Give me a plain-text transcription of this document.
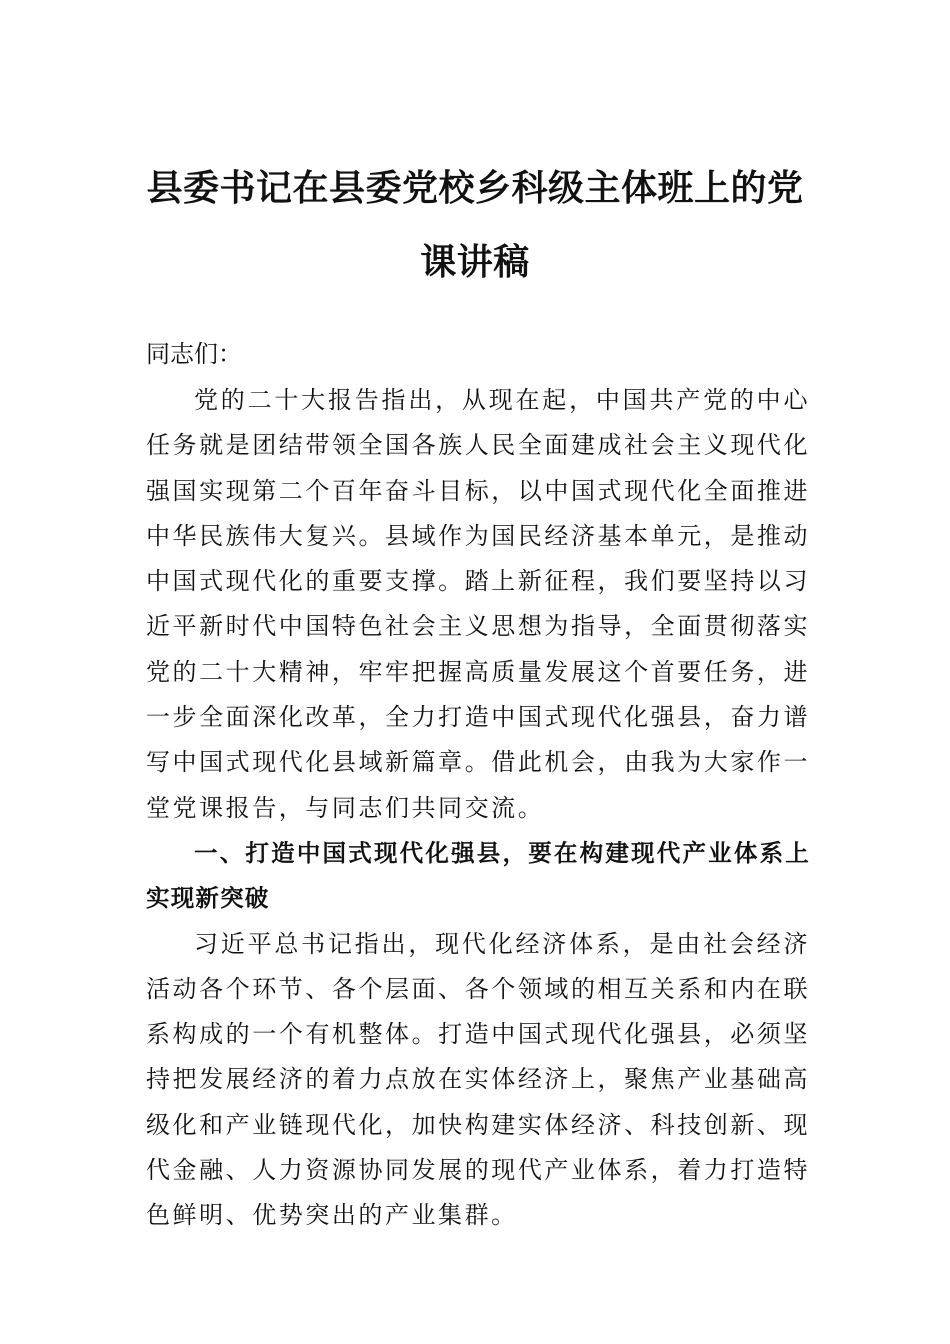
县委书记在县委党校乡科级主体班上的党
课讲稿

同志们：

党的二十大报告指出，从现在起，中国共产党的中心任务就是团结带领全国各族人民全面建成社会主义现代化强国实现第二个百年奋斗目标，以中国式现代化全面推进中华民族伟大复兴。县域作为国民经济基本单元，是推动中国式现代化的重要支撑。踏上新征程，我们要坚持以习近平新时代中国特色社会主义思想为指导，全面贯彻落实党的二十大精神，牢牢把握高质量发展这个首要任务，进一步全面深化改革，全力打造中国式现代化强县，奋力谱写中国式现代化县域新篇章。借此机会，由我为大家作一堂党课报告，与同志们共同交流。

一、打造中国式现代化强县，要在构建现代产业体系上实现新突破

习近平总书记指出，现代化经济体系，是由社会经济活动各个环节、各个层面、各个领域的相互关系和内在联系构成的一个有机整体。打造中国式现代化强县，必须坚持把发展经济的着力点放在实体经济上，聚焦产业基础高级化和产业链现代化，加快构建实体经济、科技创新、现代金融、人力资源协同发展的现代产业体系，着力打造特色鲜明、优势突出的产业集群。
